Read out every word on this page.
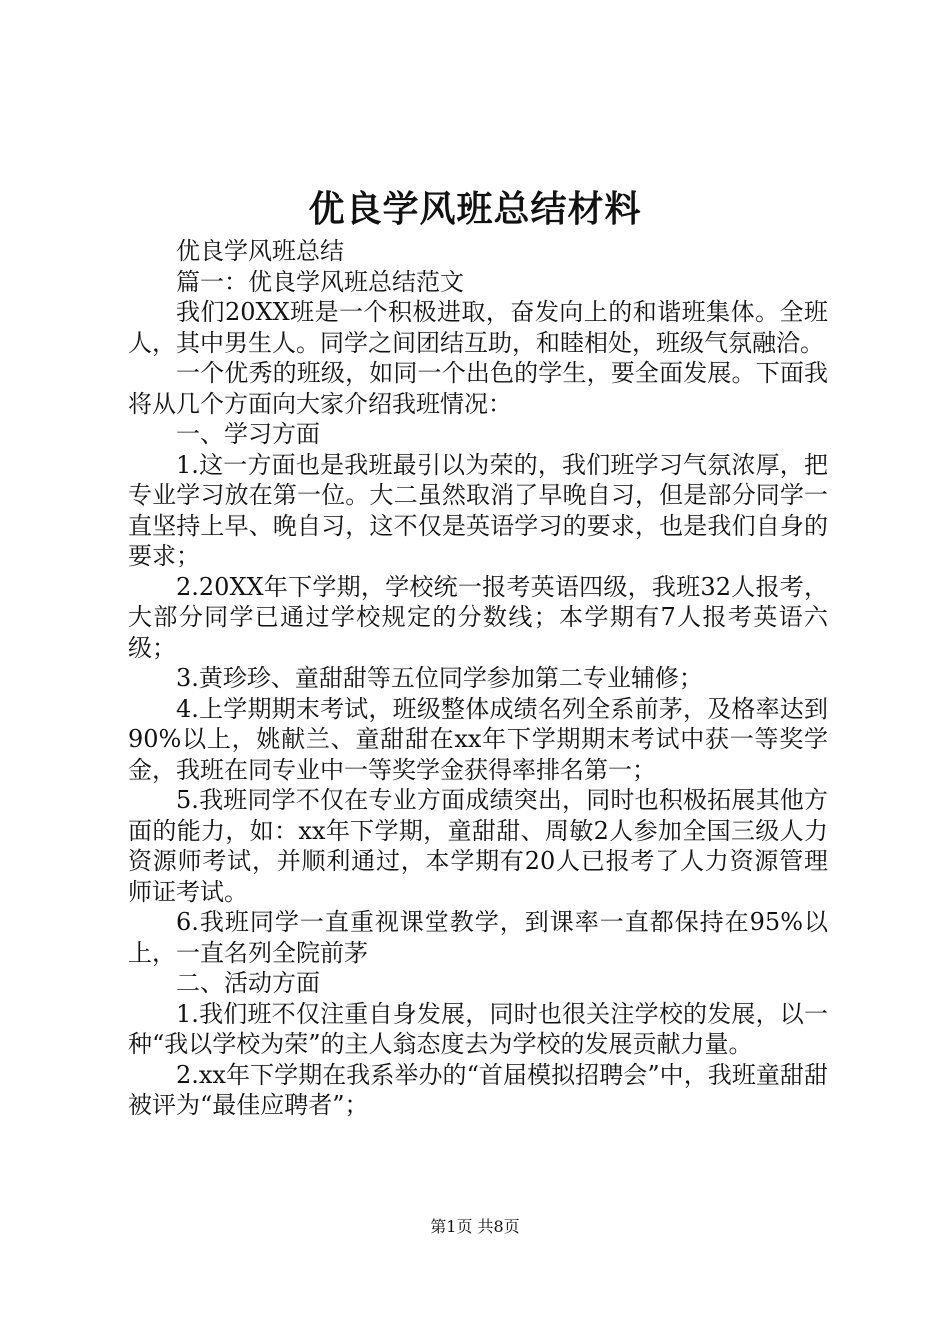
优良学风班总结材料

优良学风班总结

篇一：优良学风班总结范文

我们20XX班是一个积极进取，奋发向上的和谐班集体。全班人，其中男生人。同学之间团结互助，和睦相处，班级气氛融洽。

一个优秀的班级，如同一个出色的学生，要全面发展。下面我将从几个方面向大家介绍我班情况：

一、学习方面

1.这一方面也是我班最引以为荣的，我们班学习气氛浓厚，把专业学习放在第一位。大二虽然取消了早晚自习，但是部分同学一直坚持上早、晚自习，这不仅是英语学习的要求，也是我们自身的要求；

2.20XX年下学期，学校统一报考英语四级，我班32人报考，大部分同学已通过学校规定的分数线；本学期有7人报考英语六级；

3.黄珍珍、童甜甜等五位同学参加第二专业辅修；

4.上学期期末考试，班级整体成绩名列全系前茅，及格率达到90%以上，姚献兰、童甜甜在xx年下学期期末考试中获一等奖学金，我班在同专业中一等奖学金获得率排名第一；

5.我班同学不仅在专业方面成绩突出，同时也积极拓展其他方面的能力，如：xx年下学期，童甜甜、周敏2人参加全国三级人力资源师考试，并顺利通过，本学期有20人已报考了人力资源管理师证考试。

6.我班同学一直重视课堂教学，到课率一直都保持在95%以上，一直名列全院前茅

二、活动方面

1.我们班不仅注重自身发展，同时也很关注学校的发展，以一种“我以学校为荣”的主人翁态度去为学校的发展贡献力量。

2.xx年下学期在我系举办的“首届模拟招聘会”中，我班童甜甜被评为“最佳应聘者”；

第1页 共8页
